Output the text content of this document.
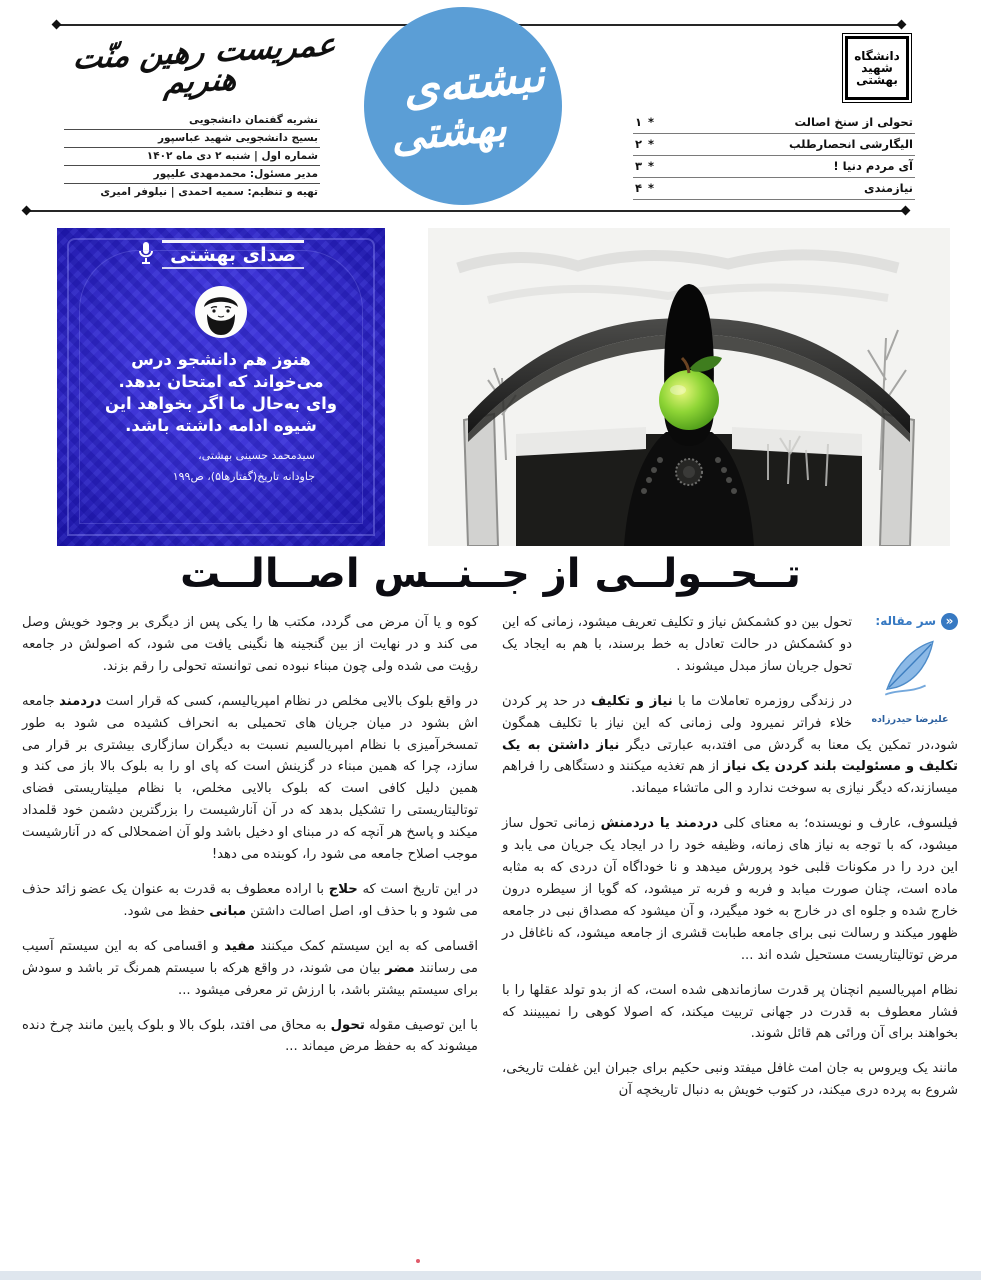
عمریست رهین منّت هنریم
نشریه گفتمان دانشجویی
بسیج دانشجویی شهید عباسپور
شماره اول | شنبه ۲ دی ماه ۱۴۰۲
مدیر مسئول: محمدمهدی علیپور
تهیه و تنظیم: سمیه احمدی | نیلوفر امیری
نبشته‌ی
بهشتی
دانشگاه
شهید
بهشتی
تحولی از سنخ اصالت
*
۱
الیگارشی انحصارطلب
*
۲
آی مردم دنیا !
*
۳
نیازمندی
*
۴
صدای بهشتی
هنوز هم دانشجو درس می‌خواند که امتحان بدهد. وای به‌حال ما اگر بخواهد این شیوه ادامه داشته باشد.
سیدمحمد حسینی بهشتی،
جاودانه تاریخ(گفتارها۵)، ص۱۹۹
تــحــولــی از جــنــس اصــالــت
«
سر مقاله:
علیرضا حیدرزاده

تحول بین دو کشمکش نیاز و تکلیف تعریف میشود، زمانی که این دو کشمکش در حالت تعادل به خط برسند، با هم به ایجاد یک تحول جریان ساز مبدل میشوند .

در زندگی روزمره تعاملات ما با نیاز و تکلیف در حد پر کردن خلاء فراتر نمیرود ولی زمانی که این نیاز با تکلیف همگون شود،در تمکین یک معنا به گردش می افتد،به عبارتی دیگر نیاز داشتن به یک تکلیف و مسئولیت بلند کردن یک نیاز از هم تغذیه میکنند و دستگاهی را فراهم میسازند،که دیگر نیازی به سوخت ندارد و الی ماتشاء میماند.

فیلسوف، عارف و نویسنده؛ به معنای کلی دردمند یا دردمنش زمانی تحول ساز میشود، که با توجه به نیاز های زمانه، وظیفه خود را در ایجاد یک جریان می یابد و این درد را در مکونات قلبی خود پرورش میدهد و نا خوداگاه آن دردی که به مثابه ماده است، چنان صورت میابد و فربه و فربه تر میشود، که گویا از سیطره درون خارج شده و جلوه ای در خارج به خود میگیرد، و آن میشود که مصداق نبی در جامعه ظهور میکند و رسالت نبی برای جامعه طبابت قشری از جامعه میشود، که ناغافل در مرض توتالیتاریست مستحیل شده اند ...

نظام امپریالسیم انچنان پر قدرت سازماندهی شده است، که از بدو تولد عقلها را با فشار معطوف به قدرت در جهانی تربیت میکند، که اصولا کوهی را نمیبینند که بخواهند برای آن ورائی هم قائل شوند.

مانند یک ویروس به جان امت غافل میفتد ونبی حکیم برای جبران این غفلت تاریخی، شروع به پرده دری میکند، در کتوب خویش به دنبال تاریخچه آن

کوه و یا آن مرض می گردد، مکتب ها را یکی پس از دیگری بر وجود خویش وصل می کند و در نهایت از بین گنجینه ها نگینی یافت می شود، که اصولش در جامعه رؤیت می شده ولی چون مبناء نبوده نمی توانسته تحولی را رقم بزند.

در واقع بلوک بالایی مخلص در نظام امپریالیسم، کسی که قرار است دردمند جامعه اش بشود در میان جریان های تحمیلی به انحراف کشیده می شود به طور تمسخرآمیزی با نظام امپریالسیم نسبت به دیگران سازگاری بیشتری بر قرار می سازد، چرا که همین مبناء در گزینش است که پای او را به بلوک بالا باز می کند و همین دلیل کافی است که بلوک بالایی مخلص، با نظام میلیتاریستی فضای توتالیتاریستی را تشکیل بدهد که در آن آنارشیست را بزرگترین دشمن خود قلمداد میکند و پاسخ هر آنچه که در مبنای او دخیل باشد ولو آن اضمحلالی که در آنارشیست موجب اصلاح جامعه می شود را، کوبنده می دهد!

در این تاریخ است که حلاج با اراده معطوف به قدرت به عنوان یک عضو زائد حذف می شود و با حذف او، اصل اصالت داشتن مبانی حفظ می شود.

اقسامی که به این سیستم کمک میکنند مفید و اقسامی که به این سیستم آسیب می رسانند مضر بیان می شوند، در واقع هرکه با سیستم همرنگ تر باشد و سودش برای سیستم بیشتر باشد، با ارزش تر معرفی میشود ...

با این توصیف مقوله تحول به محاق می افتد، بلوک بالا و بلوک پایین مانند چرخ دنده میشوند که به حفظ مرض میماند ...
